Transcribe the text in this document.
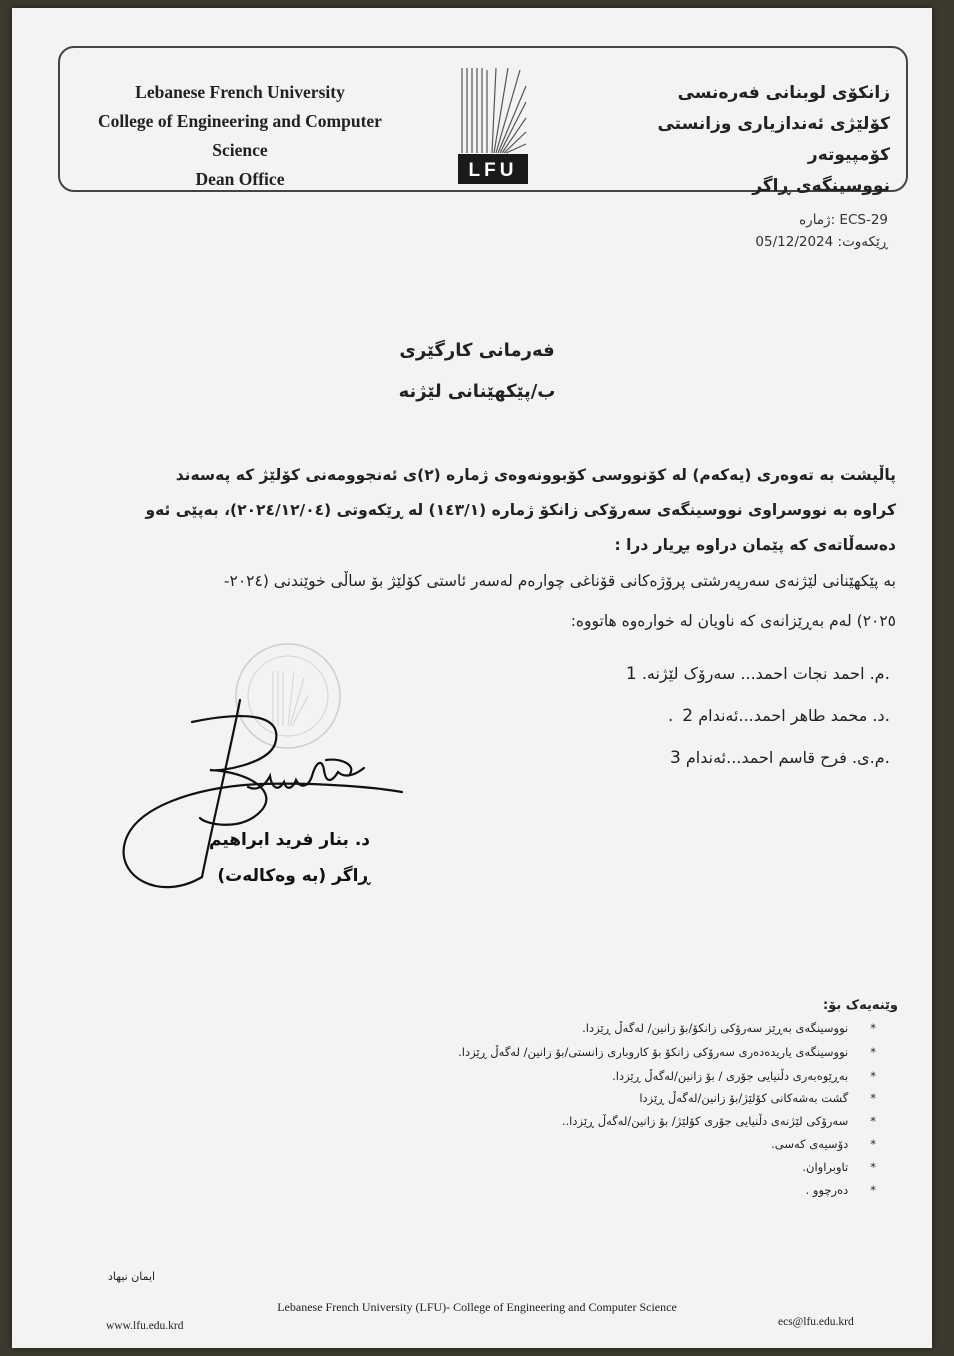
Lebanese French University
College of Engineering and Computer Science
Dean Office	LFU
زانکۆی لوبنانی فەرەنسی
کۆلێژی ئەندازیاری وزانستی کۆمپیوتەر
نووسینگەی ڕاگر
ژمارە: ECS-29
ڕێکەوت: 05/12/2024
فەرمانی کارگێری
ب/پێکهێنانی لێژنە
پاڵپشت بە تەوەری (یەکەم) لە کۆنووسی کۆبوونەوەی ژمارە (٢)ی ئەنجوومەنی کۆلێژ کە پەسەند
کراوە بە نووسراوی نووسینگەی سەرۆکی زانکۆ ژمارە (١٤٣/١) لە ڕێکەوتی (٢٠٢٤/١٢/٠٤)، بەپێی ئەو
دەسەڵاتەی کە پێمان دراوە بڕیار درا :
بە پێکهێنانی لێژنەی سەرپەرشتی پرۆژەکانی قۆناغی چوارەم لەسەر ئاستی کۆلێژ بۆ ساڵی خوێندنی (٢٠٢٤-
٢٠٢٥) لەم بەڕێزانەی کە ناویان لە خوارەوە هاتووە:
م. احمد نجات احمد... سەرۆک لێژنە. 1.
. د. محمد طاهر احمد...ئەندام 2.
م.ی. فرح قاسم احمد...ئەندام 3.
د. بنار فرید ابراهیم
ڕاگر (بە وەکالەت)
وێنەیەک بۆ:
*نووسینگەی بەڕێز سەرۆکی زانکۆ/بۆ زانین/ لەگەڵ ڕێزدا.
*نووسینگەی یاریدەدەری سەرۆکی زانکۆ بۆ کاروباری زانستی/بۆ زانین/ لەگەڵ ڕێزدا.
*بەڕێوەبەری دڵنیایی جۆری / بۆ زانین/لەگەڵ ڕێزدا.
*گشت بەشەکانی کۆلێژ/بۆ زانین/لەگەڵ ڕێزدا
*سەرۆکی لێژنەی دڵنیایی جۆری کۆلێژ/ بۆ زانین/لەگەڵ ڕێزدا..
*دۆسیەی کەسی.
*تاوبراوان.
*دەرچوو .
ایمان نیهاد
Lebanese French University (LFU)- College of Engineering and Computer Science
www.lfu.edu.krd	ecs@lfu.edu.krd
